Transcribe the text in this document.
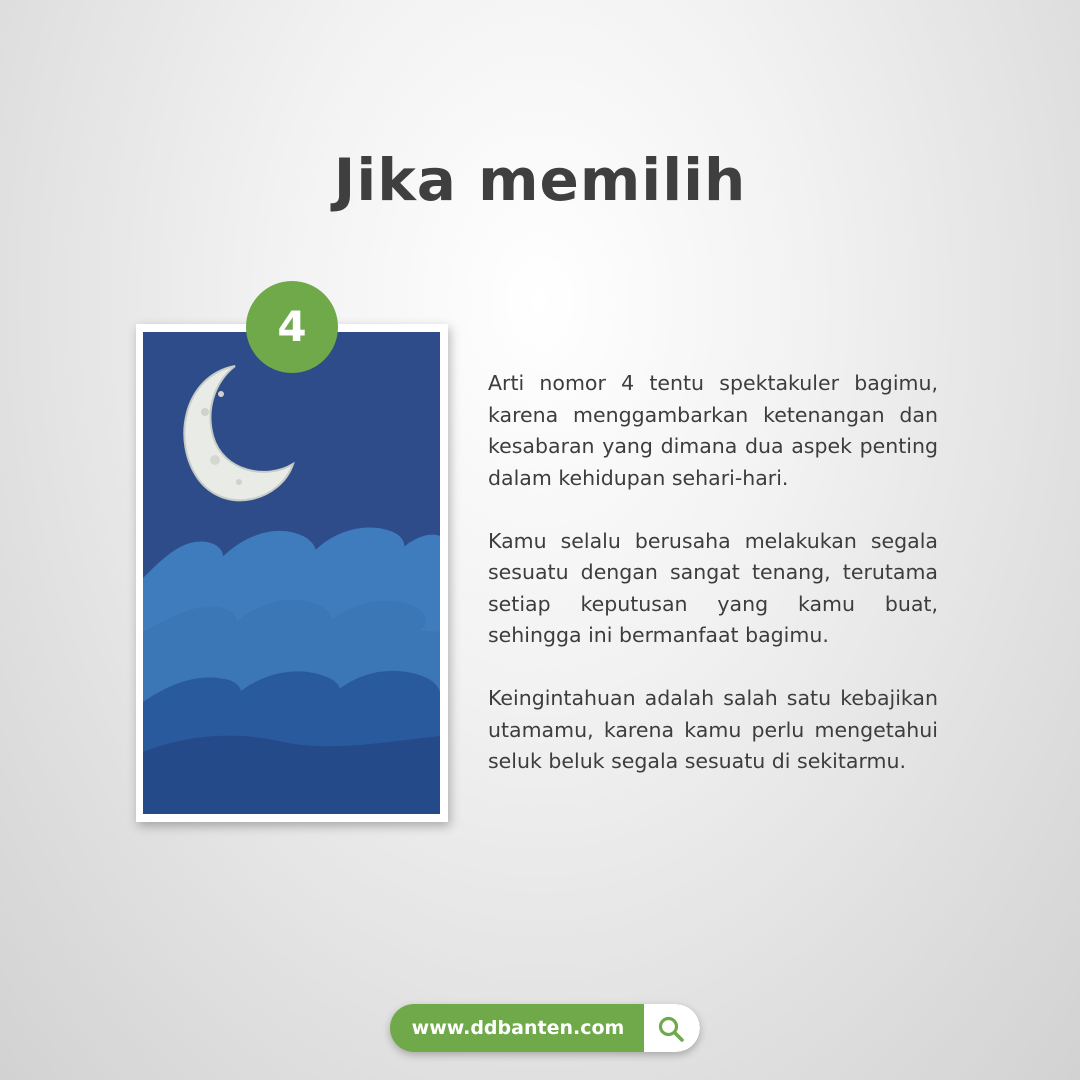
Jika memilih
4

Arti nomor 4 tentu spektakuler bagimu, karena menggambarkan ketenangan dan kesabaran yang dimana dua aspek penting dalam kehidupan sehari-hari.

Kamu selalu berusaha melakukan segala sesuatu dengan sangat tenang, terutama setiap keputusan yang kamu buat, sehingga ini bermanfaat bagimu.

Keingintahuan adalah salah satu kebajikan utamamu, karena kamu perlu mengetahui seluk beluk segala sesuatu di sekitarmu.

www.ddbanten.com
